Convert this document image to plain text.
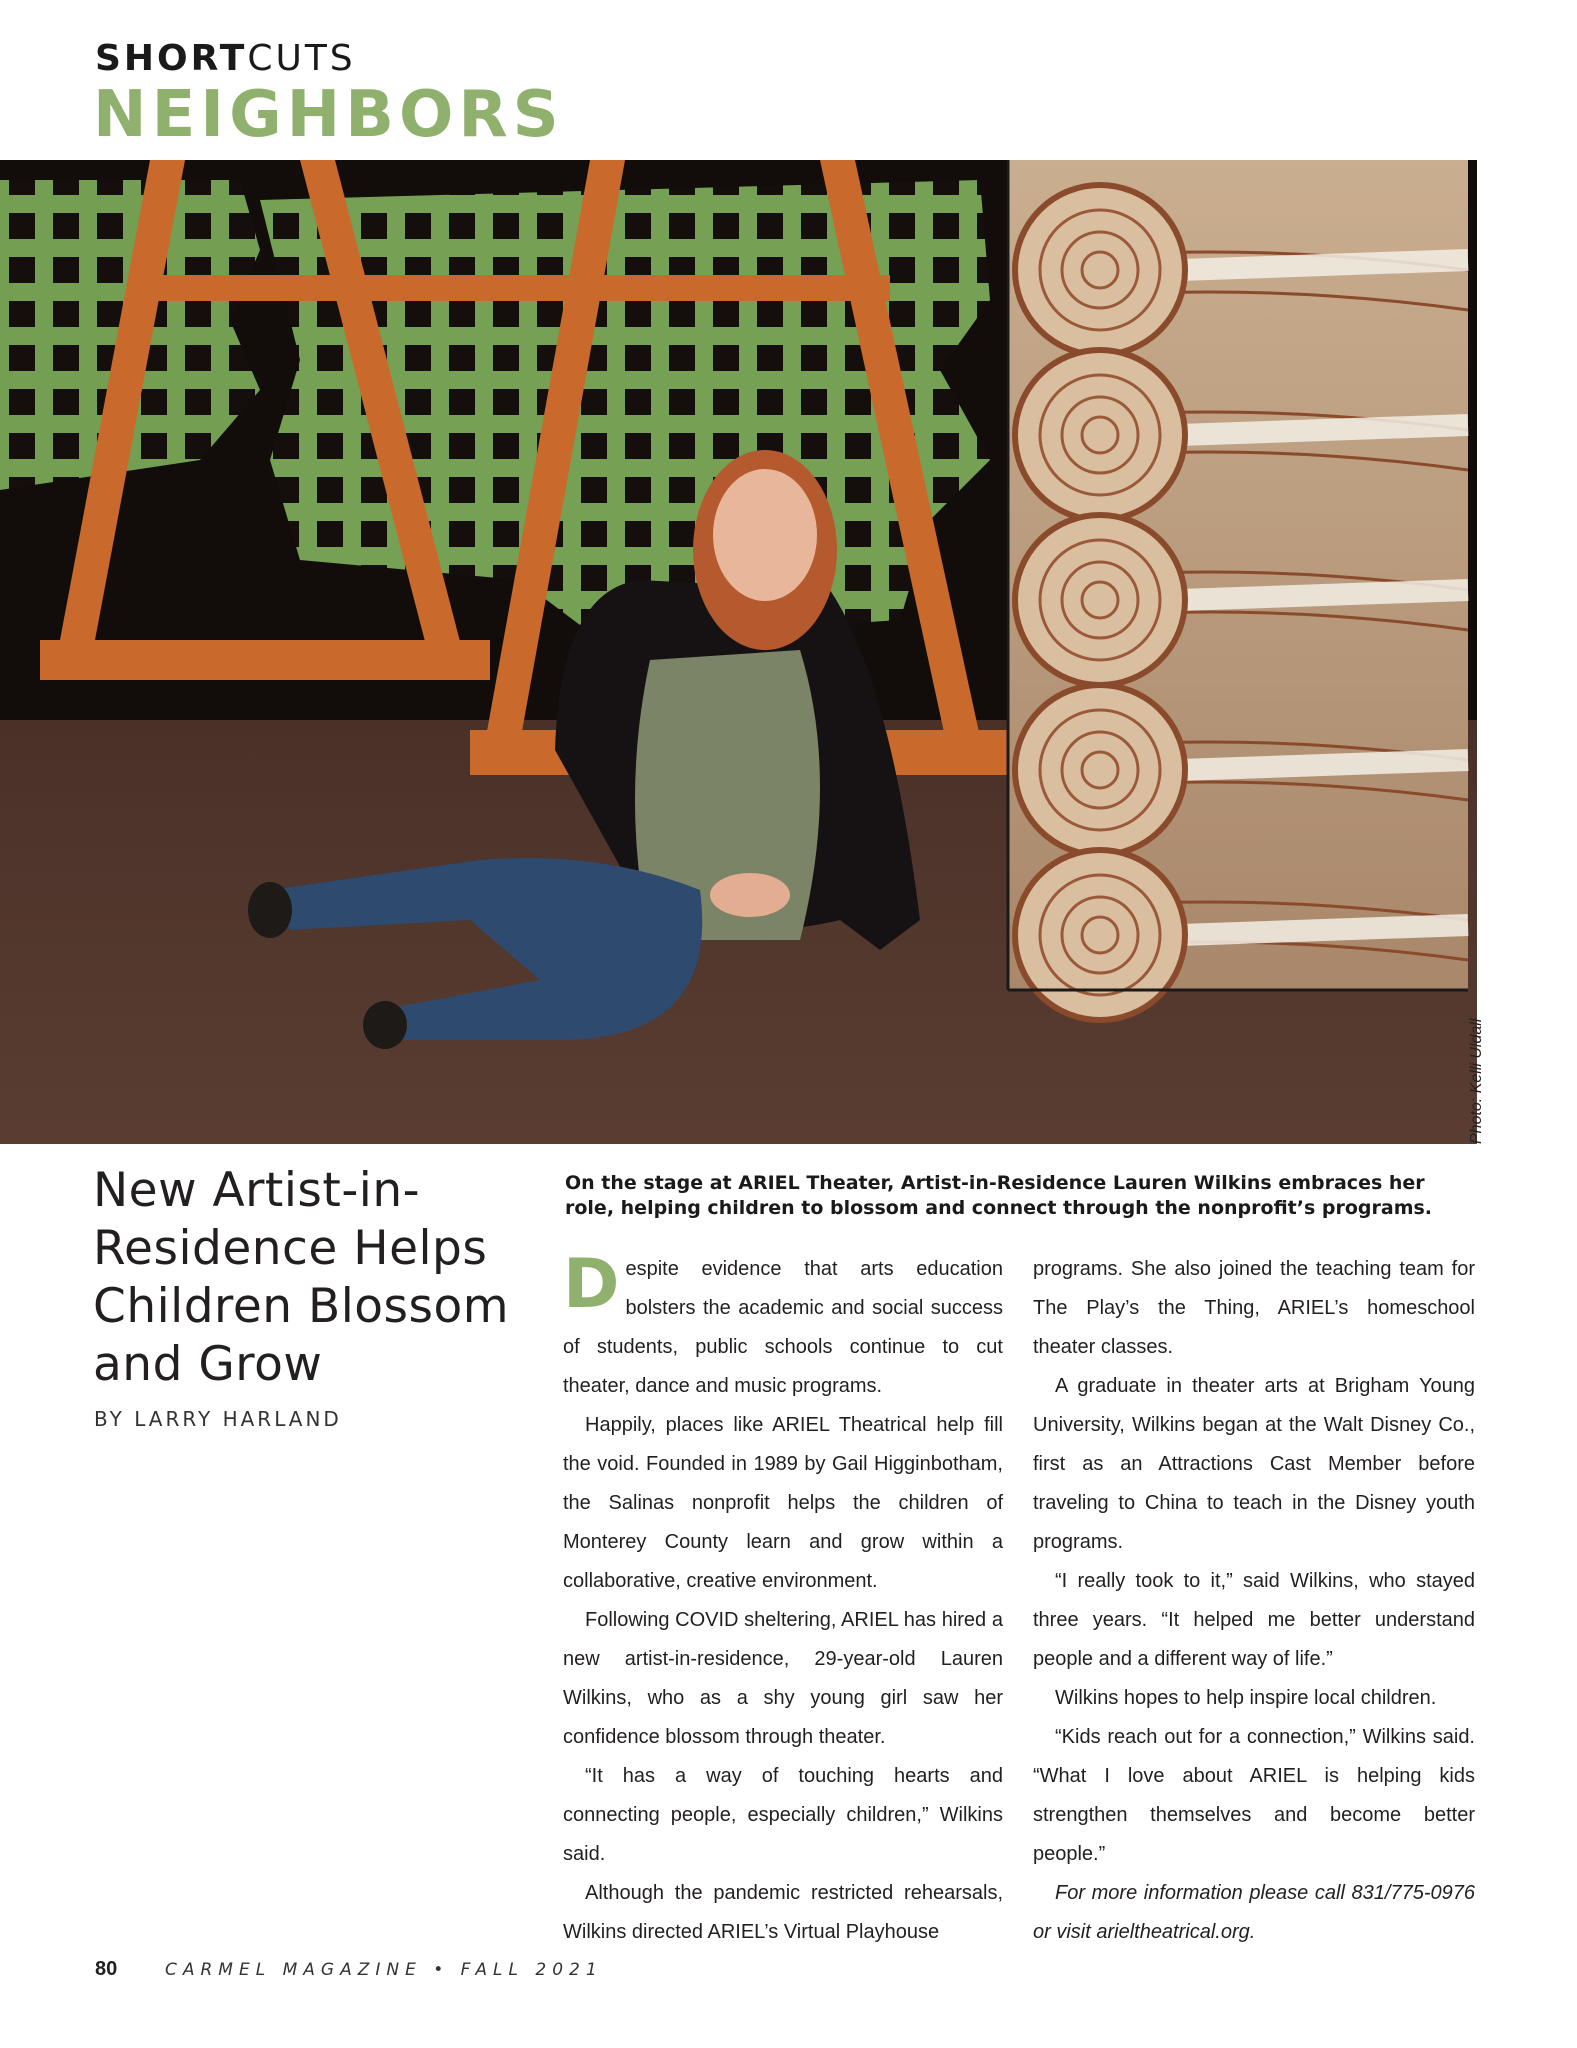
SHORTCUTS
NEIGHBORS
Photo: Kelli Uldall
New Artist-in-Residence Helps Children Blossom and Grow
BY LARRY HARLAND

On the stage at ARIEL Theater, Artist-in-Residence Lauren Wilkins embraces her role, helping children to blossom and connect through the nonprofit’s programs.

Despite evidence that arts education bolsters the academic and social success of students, public schools continue to cut theater, dance and music programs.

Happily, places like ARIEL Theatrical help fill the void. Founded in 1989 by Gail Higginbotham, the Salinas nonprofit helps the children of Monterey County learn and grow within a collaborative, creative environment.

Following COVID sheltering, ARIEL has hired a new artist-in-residence, 29-year-old Lauren Wilkins, who as a shy young girl saw her confidence blossom through theater.

“It has a way of touching hearts and connecting people, especially children,” Wilkins said.

Although the pandemic restricted rehearsals, Wilkins directed ARIEL’s Virtual Playhouse

programs. She also joined the teaching team for The Play’s the Thing, ARIEL’s homeschool theater classes.

A graduate in theater arts at Brigham Young University, Wilkins began at the Walt Disney Co., first as an Attractions Cast Member before traveling to China to teach in the Disney youth programs.

“I really took to it,” said Wilkins, who stayed three years. “It helped me better understand people and a different way of life.”

Wilkins hopes to help inspire local children.

“Kids reach out for a connection,” Wilkins said. “What I love about ARIEL is helping kids strengthen themselves and become better people.”

For more information please call 831/775-0976 or visit arieltheatrical.org.

80	CARMEL MAGAZINE • FALL 2021
